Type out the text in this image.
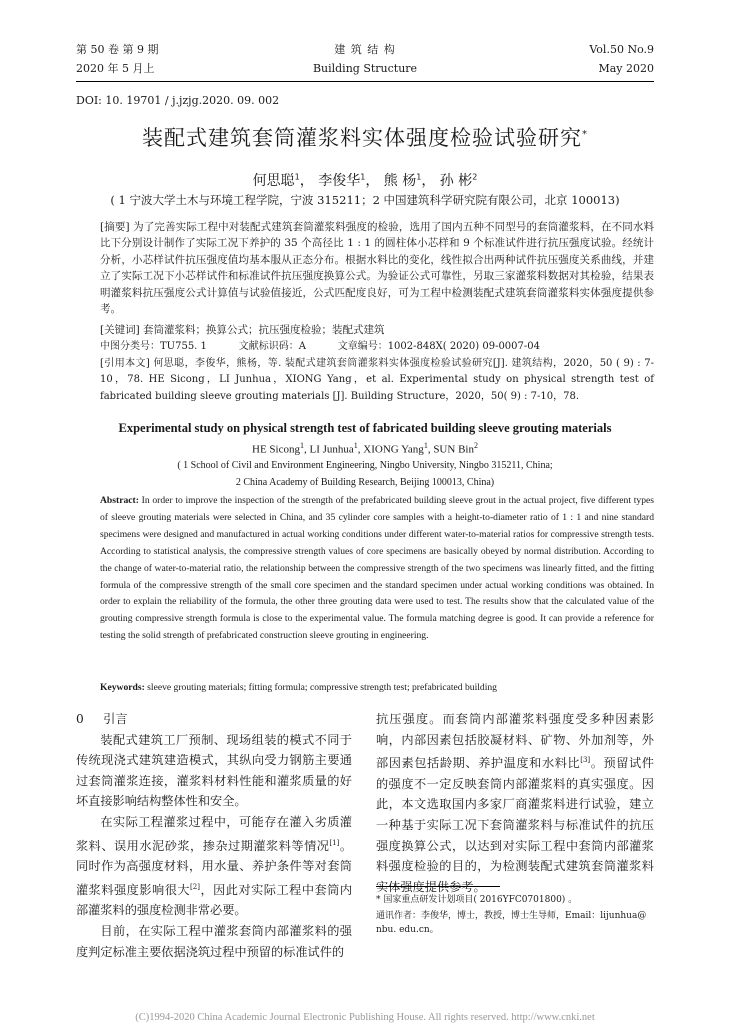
第 50 卷 第 9 期
2020 年 5 月上
建 筑 结 构
Building Structure
Vol.50 No.9
May 2020
DOI: 10. 19701 / j.jzjg.2020. 09. 002
装配式建筑套筒灌浆料实体强度检验试验研究*
何思聪$^1$， 李俊华$^1$， 熊 杨$^1$， 孙 彬$^2$
( 1 宁波大学土木与环境工程学院，宁波 315211；2 中国建筑科学研究院有限公司，北京 100013)
[摘要] 为了完善实际工程中对装配式建筑套筒灌浆料强度的检验，选用了国内五种不同型号的套筒灌浆料，在不同水料比下分别设计制作了实际工况下养护的 35 个高径比 1 : 1 的圆柱体小芯样和 9 个标准试件进行抗压强度试验。经统计分析，小芯样试件抗压强度值均基本服从正态分布。根据水料比的变化，线性拟合出两种试件抗压强度关系曲线，并建立了实际工况下小芯样试件和标准试件抗压强度换算公式。为验证公式可靠性，另取三家灌浆料数据对其检验，结果表明灌浆料抗压强度公式计算值与试验值接近，公式匹配度良好，可为工程中检测装配式建筑套筒灌浆料实体强度提供参考。
[关键词] 套筒灌浆料；换算公式；抗压强度检验；装配式建筑
中图分类号：TU755. 1          文献标识码：A          文章编号：1002-848X( 2020) 09-0007-04
[引用本文] 何思聪，李俊华，熊杨，等. 装配式建筑套筒灌浆料实体强度检验试验研究[J]. 建筑结构，2020，50 ( 9) : 7-10，78. HE Sicong，LI Junhua，XIONG Yang，et al. Experimental study on physical strength test of fabricated building sleeve grouting materials [J]. Building Structure，2020，50( 9) : 7-10，78.
Experimental study on physical strength test of fabricated building sleeve grouting materials
HE Sicong$^1$, LI Junhua$^1$, XIONG Yang$^1$, SUN Bin$^2$
( 1 School of Civil and Environment Engineering, Ningbo University, Ningbo 315211, China;
2 China Academy of Building Research, Beijing 100013, China)
Abstract: In order to improve the inspection of the strength of the prefabricated building sleeve grout in the actual project, five different types of sleeve grouting materials were selected in China, and 35 cylinder core samples with a height-to-diameter ratio of 1 : 1 and nine standard specimens were designed and manufactured in actual working conditions under different water-to-material ratios for compressive strength tests. According to statistical analysis, the compressive strength values of core specimens are basically obeyed by normal distribution. According to the change of water-to-material ratio, the relationship between the compressive strength of the two specimens was linearly fitted, and the fitting formula of the compressive strength of the small core specimen and the standard specimen under actual working conditions was obtained. In order to explain the reliability of the formula, the other three grouting data were used to test. The results show that the calculated value of the grouting compressive strength formula is close to the experimental value. The formula matching degree is good. It can provide a reference for testing the solid strength of prefabricated construction sleeve grouting in engineering.
Keywords: sleeve grouting materials; fitting formula; compressive strength test; prefabricated building

0 引言

装配式建筑工厂预制、现场组装的模式不同于传统现浇式建筑建造模式，其纵向受力钢筋主要通过套筒灌浆连接，灌浆料材料性能和灌浆质量的好坏直接影响结构整体性和安全。

在实际工程灌浆过程中，可能存在灌入劣质灌浆料、误用水泥砂浆，掺杂过期灌浆料等情况[1]。同时作为高强度材料，用水量、养护条件等对套筒灌浆料强度影响很大[2]，因此对实际工程中套筒内部灌浆料的强度检测非常必要。

目前，在实际工程中灌浆套筒内部灌浆料的强度判定标准主要依据浇筑过程中预留的标准试件的

抗压强度。而套筒内部灌浆料强度受多种因素影响，内部因素包括胶凝材料、矿物、外加剂等，外部因素包括龄期、养护温度和水料比[3]。预留试件的强度不一定反映套筒内部灌浆料的真实强度。因此，本文选取国内多家厂商灌浆料进行试验，建立一种基于实际工况下套筒灌浆料与标准试件的抗压强度换算公式，以达到对实际工程中套筒内部灌浆料强度检验的目的，为检测装配式建筑套筒灌浆料实体强度提供参考。

* 国家重点研发计划项目( 2016YFC0701800) 。
通讯作者：李俊华，博士，教授，博士生导师，Email：lijunhua@ nbu. edu.cn。
(C)1994-2020 China Academic Journal Electronic Publishing House. All rights reserved. http://www.cnki.net
